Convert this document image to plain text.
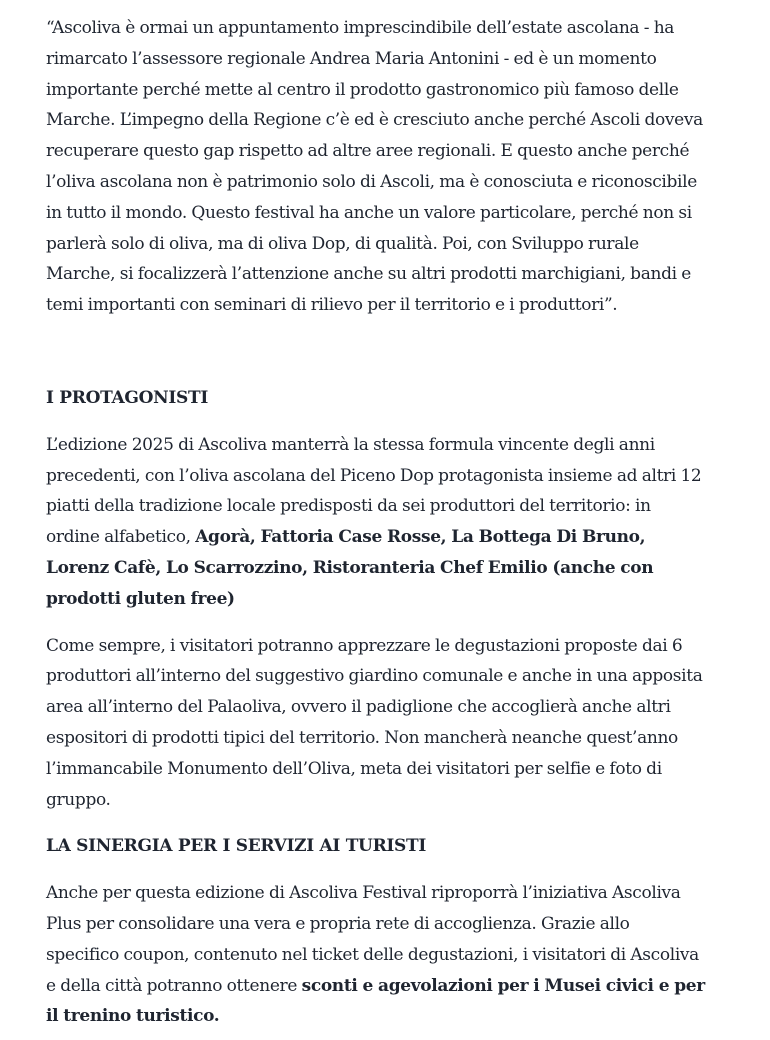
“Ascoliva è ormai un appuntamento imprescindibile dell’estate ascolana - ha rimarcato l’assessore regionale Andrea Maria Antonini - ed è un momento importante perché mette al centro il prodotto gastronomico più famoso delle Marche. L’impegno della Regione c’è ed è cresciuto anche perché Ascoli doveva recuperare questo gap rispetto ad altre aree regionali. E questo anche perché l’oliva ascolana non è patrimonio solo di Ascoli, ma è conosciuta e riconoscibile in tutto il mondo. Questo festival ha anche un valore particolare, perché non si parlerà solo di oliva, ma di oliva Dop, di qualità. Poi, con Sviluppo rurale Marche, si focalizzerà l’attenzione anche su altri prodotti marchigiani, bandi e temi importanti con seminari di rilievo per il territorio e i produttori”.

I PROTAGONISTI

L’edizione 2025 di Ascoliva manterrà la stessa formula vincente degli anni precedenti, con l’oliva ascolana del Piceno Dop protagonista insieme ad altri 12 piatti della tradizione locale predisposti da sei produttori del territorio: in ordine alfabetico, Agorà, Fattoria Case Rosse, La Bottega Di Bruno, Lorenz Cafè, Lo Scarrozzino, Ristoranteria Chef Emilio (anche con prodotti gluten free)

Come sempre, i visitatori potranno apprezzare le degustazioni proposte dai 6 produttori all’interno del suggestivo giardino comunale e anche in una apposita area all’interno del Palaoliva, ovvero il padiglione che accoglierà anche altri espositori di prodotti tipici del territorio. Non mancherà neanche quest’anno l’immancabile Monumento dell’Oliva, meta dei visitatori per selfie e foto di gruppo.

LA SINERGIA PER I SERVIZI AI TURISTI

Anche per questa edizione di Ascoliva Festival riproporrà l’iniziativa Ascoliva Plus per consolidare una vera e propria rete di accoglienza. Grazie allo specifico coupon, contenuto nel ticket delle degustazioni, i visitatori di Ascoliva e della città potranno ottenere sconti e agevolazioni per i Musei civici e per il trenino turistico.
